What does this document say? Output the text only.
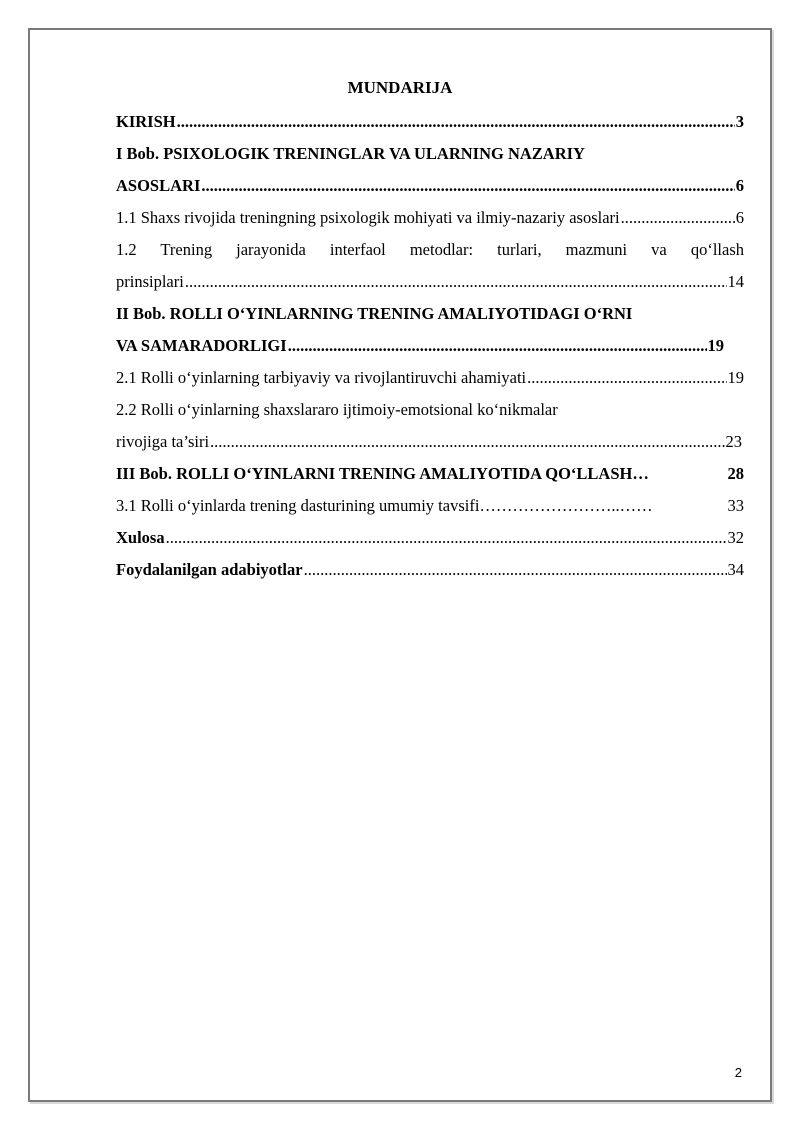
MUNDARIJA
KIRISH .....	3
I Bob. PSIXOLOGIK TRENINGLAR VA ULARNING NAZARIY
ASOSLARI .....	6
1.1 Shaxs rivojida treningning psixologik mohiyati va ilmiy-nazariy asoslari .....	6
1.2 Trening jarayonida interfaol metodlar: turlari, mazmuni va qo‘llash
prinsiplari .....	14
II Bob. ROLLI O‘YINLARNING TRENING AMALIYOTIDAGI O‘RNI
VA SAMARADORLIGI .....	19
2.1 Rolli o‘yinlarning tarbiyaviy va rivojlantiruvchi ahamiyati .....	19
2.2 Rolli o‘yinlarning shaxslararo ijtimoiy-emotsional ko‘nikmalar
rivojiga ta’siri .....	23
III Bob. ROLLI O‘YINLARNI TRENING AMALIYOTIDA QO‘LLASH…	28
3.1 Rolli o‘yinlarda trening dasturining umumiy tavsifi……………………..……	33
Xulosa .....	32
Foydalanilgan adabiyotlar .....	34
2
